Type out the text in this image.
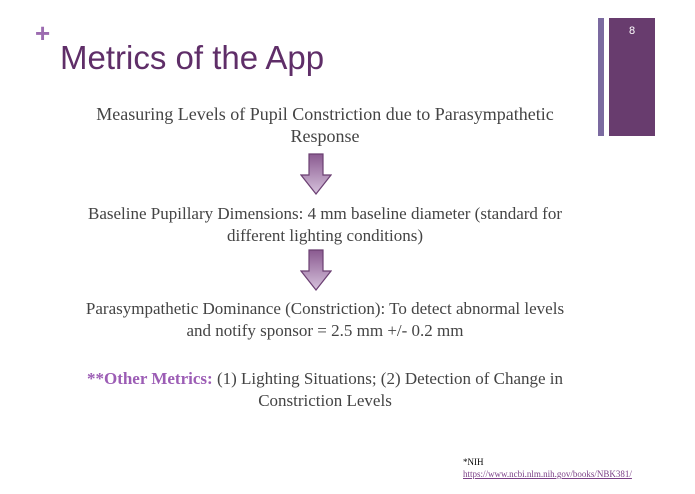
+
Metrics of the App
8
Measuring Levels of Pupil Constriction due to Parasympathetic
Response
Baseline Pupillary Dimensions: 4 mm baseline diameter (standard for
different lighting conditions)
Parasympathetic Dominance (Constriction): To detect abnormal levels
and notify sponsor = 2.5 mm +/- 0.2 mm
**Other Metrics: (1) Lighting Situations; (2) Detection of Change in
Constriction Levels
*NIH
https://www.ncbi.nlm.nih.gov/books/NBK381/
